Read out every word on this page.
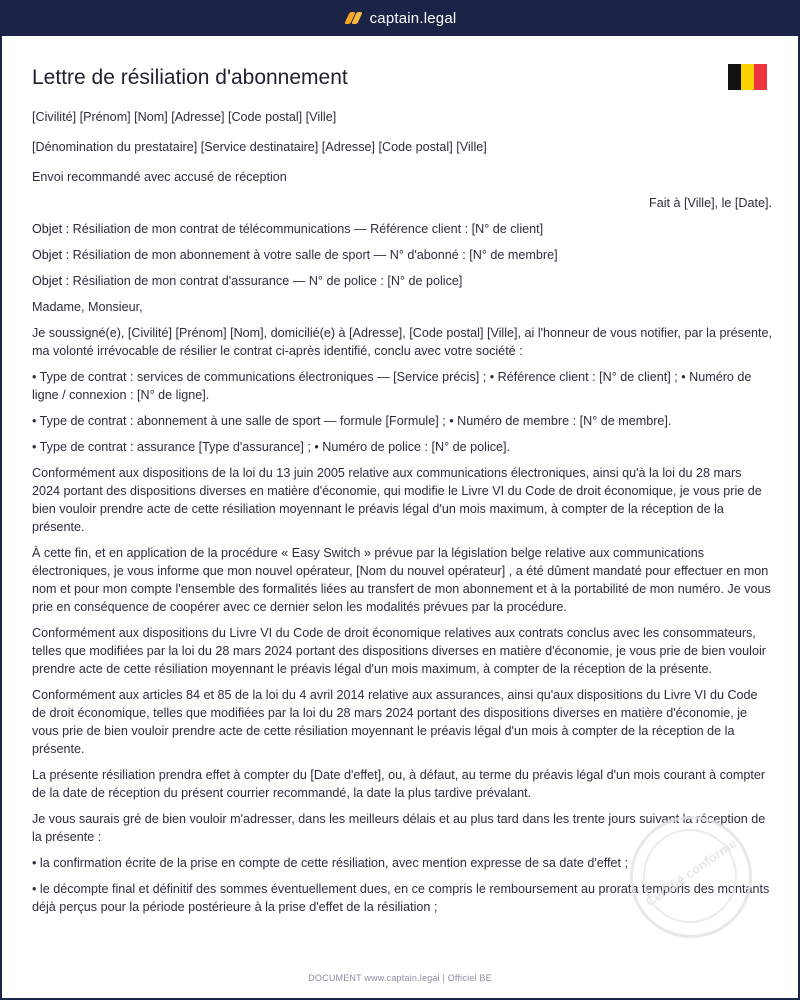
captain.legal
Lettre de résiliation d'abonnement

[Civilité] [Prénom] [Nom] [Adresse] [Code postal] [Ville]

[Dénomination du prestataire] [Service destinataire] [Adresse] [Code postal] [Ville]

Envoi recommandé avec accusé de réception

Fait à [Ville], le [Date].

Objet : Résiliation de mon contrat de télécommunications — Référence client : [N° de client]

Objet : Résiliation de mon abonnement à votre salle de sport — N° d'abonné : [N° de membre]

Objet : Résiliation de mon contrat d'assurance — N° de police : [N° de police]

Madame, Monsieur,

Je soussigné(e), [Civilité] [Prénom] [Nom], domicilié(e) à [Adresse], [Code postal] [Ville], ai l'honneur de vous notifier, par la présente, ma volonté irrévocable de résilier le contrat ci-après identifié, conclu avec votre société :

• Type de contrat : services de communications électroniques — [Service précis] ; • Référence client : [N° de client] ; • Numéro de ligne / connexion : [N° de ligne].

• Type de contrat : abonnement à une salle de sport — formule [Formule] ; • Numéro de membre : [N° de membre].

• Type de contrat : assurance [Type d'assurance] ; • Numéro de police : [N° de police].

Conformément aux dispositions de la loi du 13 juin 2005 relative aux communications électroniques, ainsi qu'à la loi du 28 mars 2024 portant des dispositions diverses en matière d'économie, qui modifie le Livre VI du Code de droit économique, je vous prie de bien vouloir prendre acte de cette résiliation moyennant le préavis légal d'un mois maximum, à compter de la réception de la présente.

À cette fin, et en application de la procédure « Easy Switch » prévue par la législation belge relative aux communications électroniques, je vous informe que mon nouvel opérateur, [Nom du nouvel opérateur] , a été dûment mandaté pour effectuer en mon nom et pour mon compte l'ensemble des formalités liées au transfert de mon abonnement et à la portabilité de mon numéro. Je vous prie en conséquence de coopérer avec ce dernier selon les modalités prévues par la procédure.

Conformément aux dispositions du Livre VI du Code de droit économique relatives aux contrats conclus avec les consommateurs, telles que modifiées par la loi du 28 mars 2024 portant des dispositions diverses en matière d'économie, je vous prie de bien vouloir prendre acte de cette résiliation moyennant le préavis légal d'un mois maximum, à compter de la réception de la présente.

Conformément aux articles 84 et 85 de la loi du 4 avril 2014 relative aux assurances, ainsi qu'aux dispositions du Livre VI du Code de droit économique, telles que modifiées par la loi du 28 mars 2024 portant des dispositions diverses en matière d'économie, je vous prie de bien vouloir prendre acte de cette résiliation moyennant le préavis légal d'un mois à compter de la réception de la présente.

La présente résiliation prendra effet à compter du [Date d'effet], ou, à défaut, au terme du préavis légal d'un mois courant à compter de la date de réception du présent courrier recommandé, la date la plus tardive prévalant.

Je vous saurais gré de bien vouloir m'adresser, dans les meilleurs délais et au plus tard dans les trente jours suivant la réception de la présente :

• la confirmation écrite de la prise en compte de cette résiliation, avec mention expresse de sa date d'effet ;

• le décompte final et définitif des sommes éventuellement dues, en ce compris le remboursement au prorata temporis des montants déjà perçus pour la période postérieure à la prise d'effet de la résiliation ;	Certifié conforme
DOCUMENT www.captain.legal | Officiel BE
